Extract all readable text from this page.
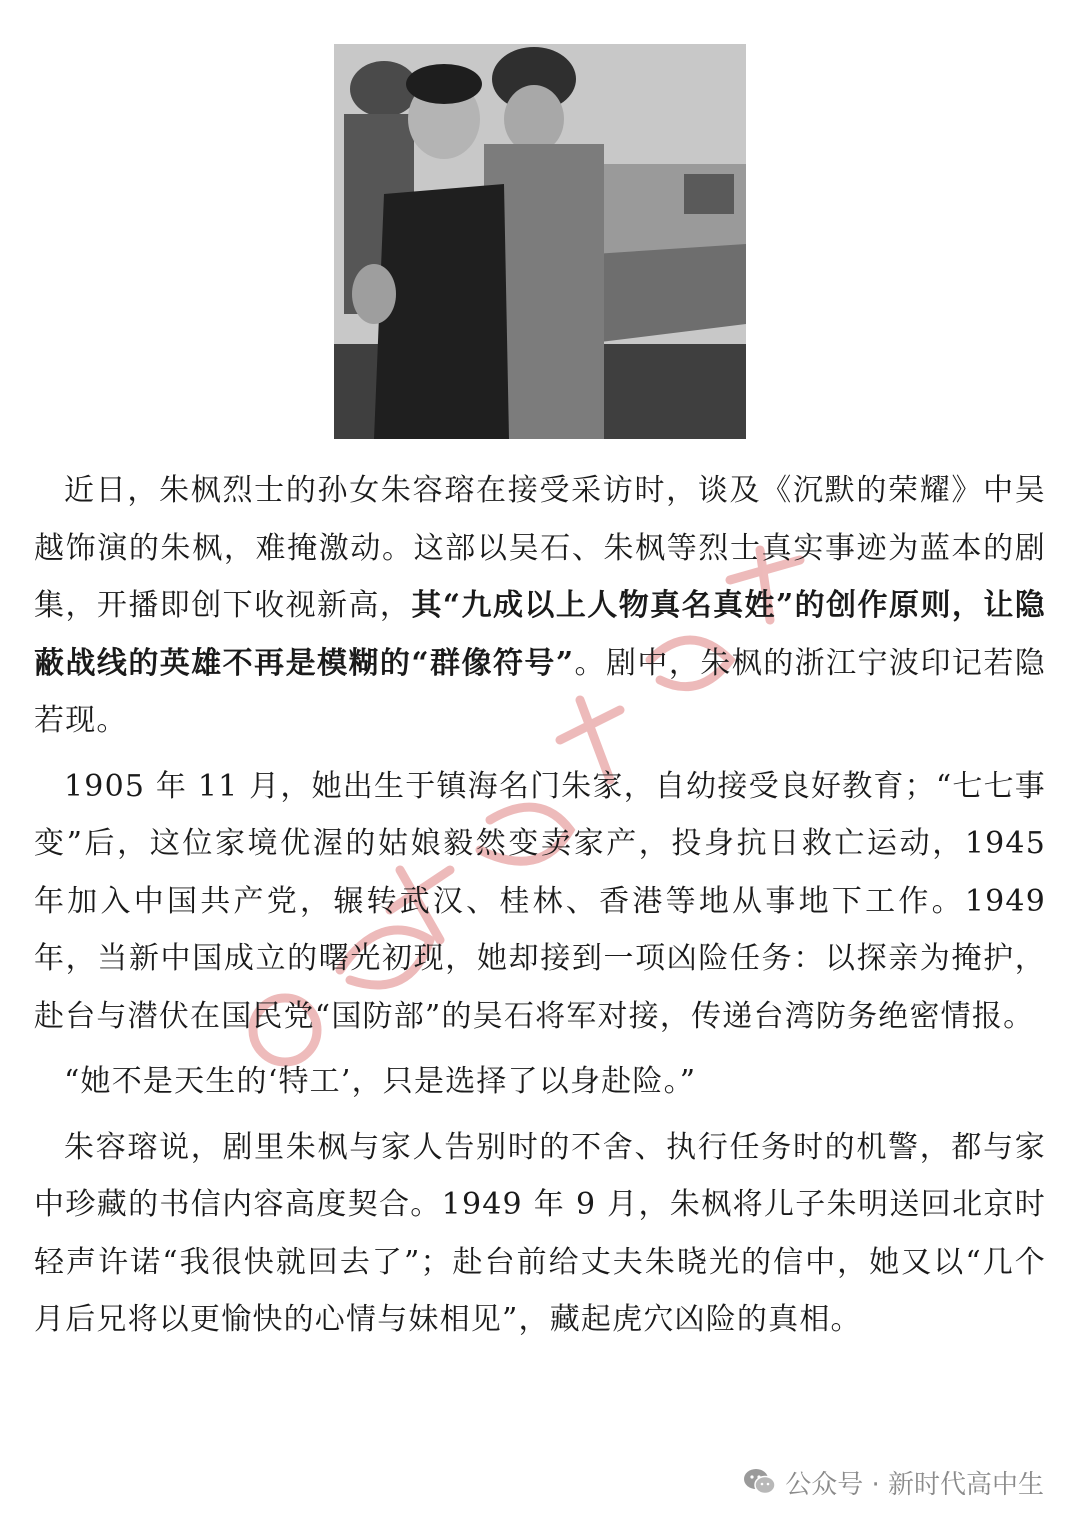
近日，朱枫烈士的孙女朱容瑢在接受采访时，谈及《沉默的荣耀》中吴越饰演的朱枫，难掩激动。这部以吴石、朱枫等烈士真实事迹为蓝本的剧集，开播即创下收视新高，其“九成以上人物真名真姓”的创作原则，让隐蔽战线的英雄不再是模糊的“群像符号”。剧中，朱枫的浙江宁波印记若隐若现。

1905 年 11 月，她出生于镇海名门朱家，自幼接受良好教育；“七七事变”后，这位家境优渥的姑娘毅然变卖家产，投身抗日救亡运动，1945 年加入中国共产党，辗转武汉、桂林、香港等地从事地下工作。1949 年，当新中国成立的曙光初现，她却接到一项凶险任务：以探亲为掩护，赴台与潜伏在国民党“国防部”的吴石将军对接，传递台湾防务绝密情报。

“她不是天生的‘特工’，只是选择了以身赴险。”

朱容瑢说，剧里朱枫与家人告别时的不舍、执行任务时的机警，都与家中珍藏的书信内容高度契合。1949 年 9 月，朱枫将儿子朱明送回北京时轻声许诺“我很快就回去了”；赴台前给丈夫朱晓光的信中，她又以“几个月后兄将以更愉快的心情与妹相见”，藏起虎穴凶险的真相。

公众号 · 新时代高中生
